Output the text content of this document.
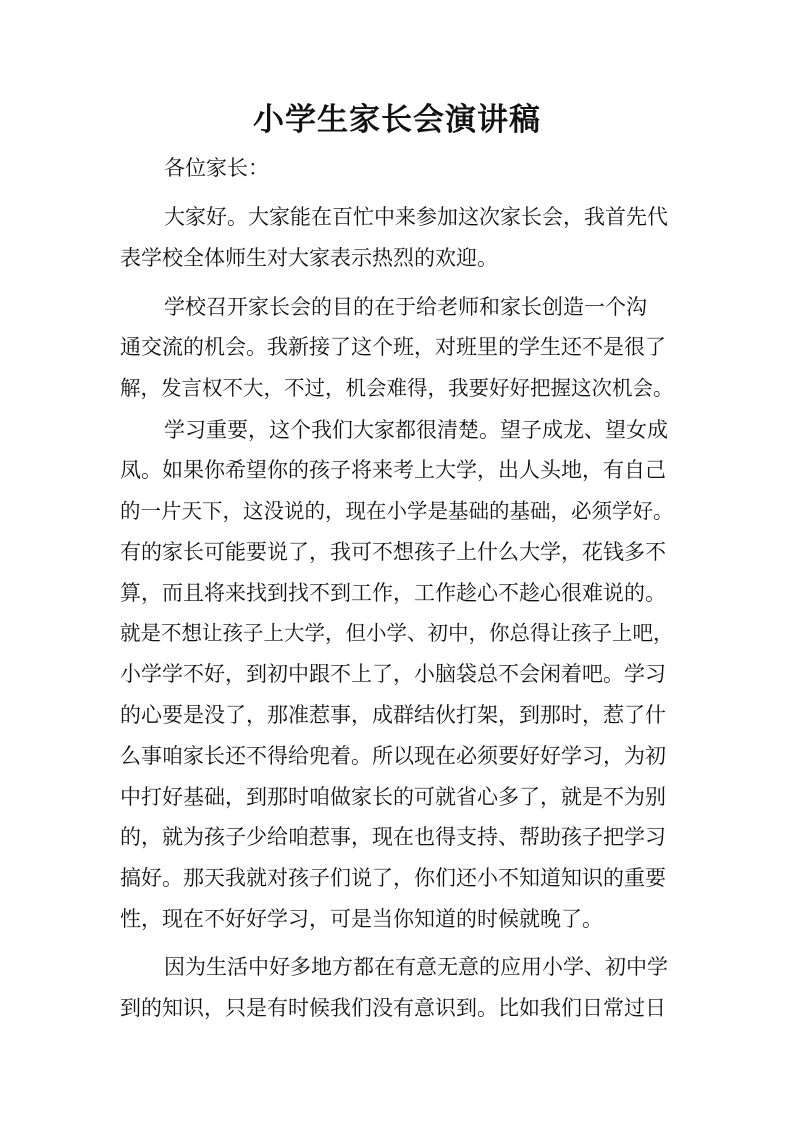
小学生家长会演讲稿
各位家长：
大家好。大家能在百忙中来参加这次家长会，我首先代
表学校全体师生对大家表示热烈的欢迎。
学校召开家长会的目的在于给老师和家长创造一个沟
通交流的机会。我新接了这个班，对班里的学生还不是很了
解，发言权不大，不过，机会难得，我要好好把握这次机会。
学习重要，这个我们大家都很清楚。望子成龙、望女成
凤。如果你希望你的孩子将来考上大学，出人头地，有自己
的一片天下，这没说的，现在小学是基础的基础，必须学好。
有的家长可能要说了，我可不想孩子上什么大学，花钱多不
算，而且将来找到找不到工作，工作趁心不趁心很难说的。
就是不想让孩子上大学，但小学、初中，你总得让孩子上吧，
小学学不好，到初中跟不上了，小脑袋总不会闲着吧。学习
的心要是没了，那准惹事，成群结伙打架，到那时，惹了什
么事咱家长还不得给兜着。所以现在必须要好好学习，为初
中打好基础，到那时咱做家长的可就省心多了，就是不为别
的，就为孩子少给咱惹事，现在也得支持、帮助孩子把学习
搞好。那天我就对孩子们说了，你们还小不知道知识的重要
性，现在不好好学习，可是当你知道的时候就晚了。
因为生活中好多地方都在有意无意的应用小学、初中学
到的知识，只是有时候我们没有意识到。比如我们日常过日
